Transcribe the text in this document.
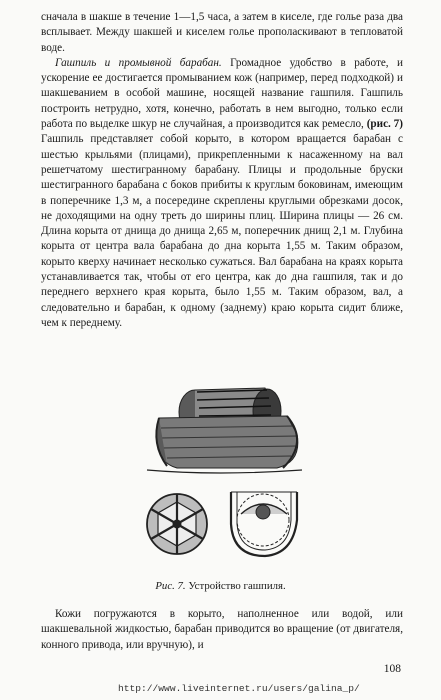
сначала в шакше в течение 1—1,5 часа, а затем в киселе, где голье раза два всплывает. Между шакшей и киселем голье прополаскивают в тепловатой воде.

Гашпиль и промывной барабан. Громадное удобство в работе, и ускорение ее достигается промыванием кож (например, перед подходкой) и шакшеванием в особой машине, носящей название гашпиля. Гашпиль построить нетрудно, хотя, конечно, работать в нем выгодно, только если работа по выделке шкур не случайная, а производится как ремесло, (рис. 7) Гашпиль представляет собой корыто, в котором вращается барабан с шестью крыльями (плицами), прикрепленными к насаженному на вал решетчатому шестигранному барабану. Плицы и продольные бруски шестигранного барабана с боков прибиты к круглым боковинам, имеющим в поперечнике 1,3 м, а посередине скреплены круглыми обрезками досок, не доходящими на одну треть до ширины плиц. Ширина плицы — 26 см. Длина корыта от днища до днища 2,65 м, поперечник днищ 2,1 м. Глубина корыта от центра вала барабана до дна корыта 1,55 м. Таким образом, корыто кверху начинает несколько сужаться. Вал барабана на краях корыта устанавливается так, чтобы от его центра, как до дна гашпиля, так и до переднего верхнего края корыта, было 1,55 м. Таким образом, вал, а следовательно и барабан, к одному (заднему) краю корыта сидит ближе, чем к переднему.

Рис. 7. Устройство гашпиля.

Кожи погружаются в корыто, наполненное или водой, или шакшевальной жидкостью, барабан приводится во вращение (от двигателя, конного привода, или вручную), и

108
http://www.liveinternet.ru/users/galina_p/
